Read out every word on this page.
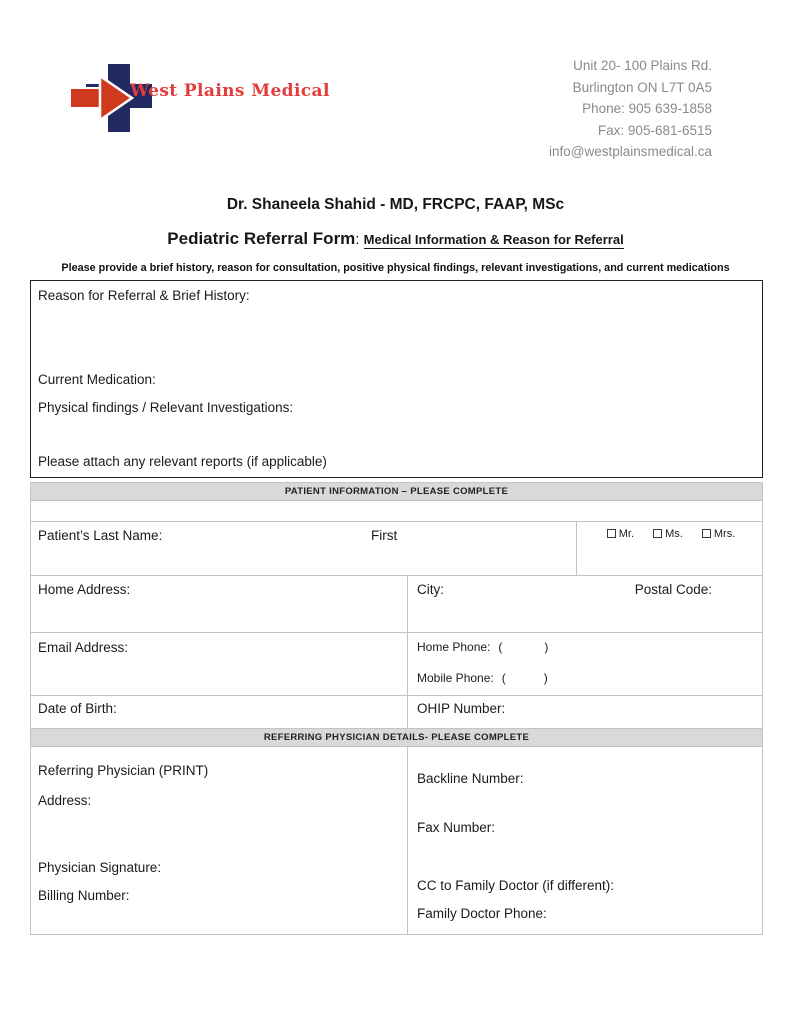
West Plains Medical
Unit 20- 100 Plains Rd.
Burlington ON L7T 0A5
Phone: 905 639-1858
Fax: 905-681-6515
info@westplainsmedical.ca
Dr. Shaneela Shahid - MD, FRCPC, FAAP, MSc
Pediatric Referral Form: Medical Information & Reason for Referral
Please provide a brief history, reason for consultation, positive physical findings, relevant investigations, and current medications
Reason for Referral & Brief History:
Current Medication:
Physical findings / Relevant Investigations:
Please attach any relevant reports (if applicable)
PATIENT INFORMATION – PLEASE COMPLETE
Patient’s Last Name:	First	Mr.	Ms.	Mrs.
Home Address:	City:	Postal Code:
Email Address:	Home Phone: (	)
Mobile Phone: (	)
Date of Birth:	OHIP Number:
REFERRING PHYSICIAN DETAILS- PLEASE COMPLETE
Referring Physician (PRINT)
Address:
Physician Signature:
Billing Number:
Backline Number:
Fax Number:
CC to Family Doctor (if different):
Family Doctor Phone:
